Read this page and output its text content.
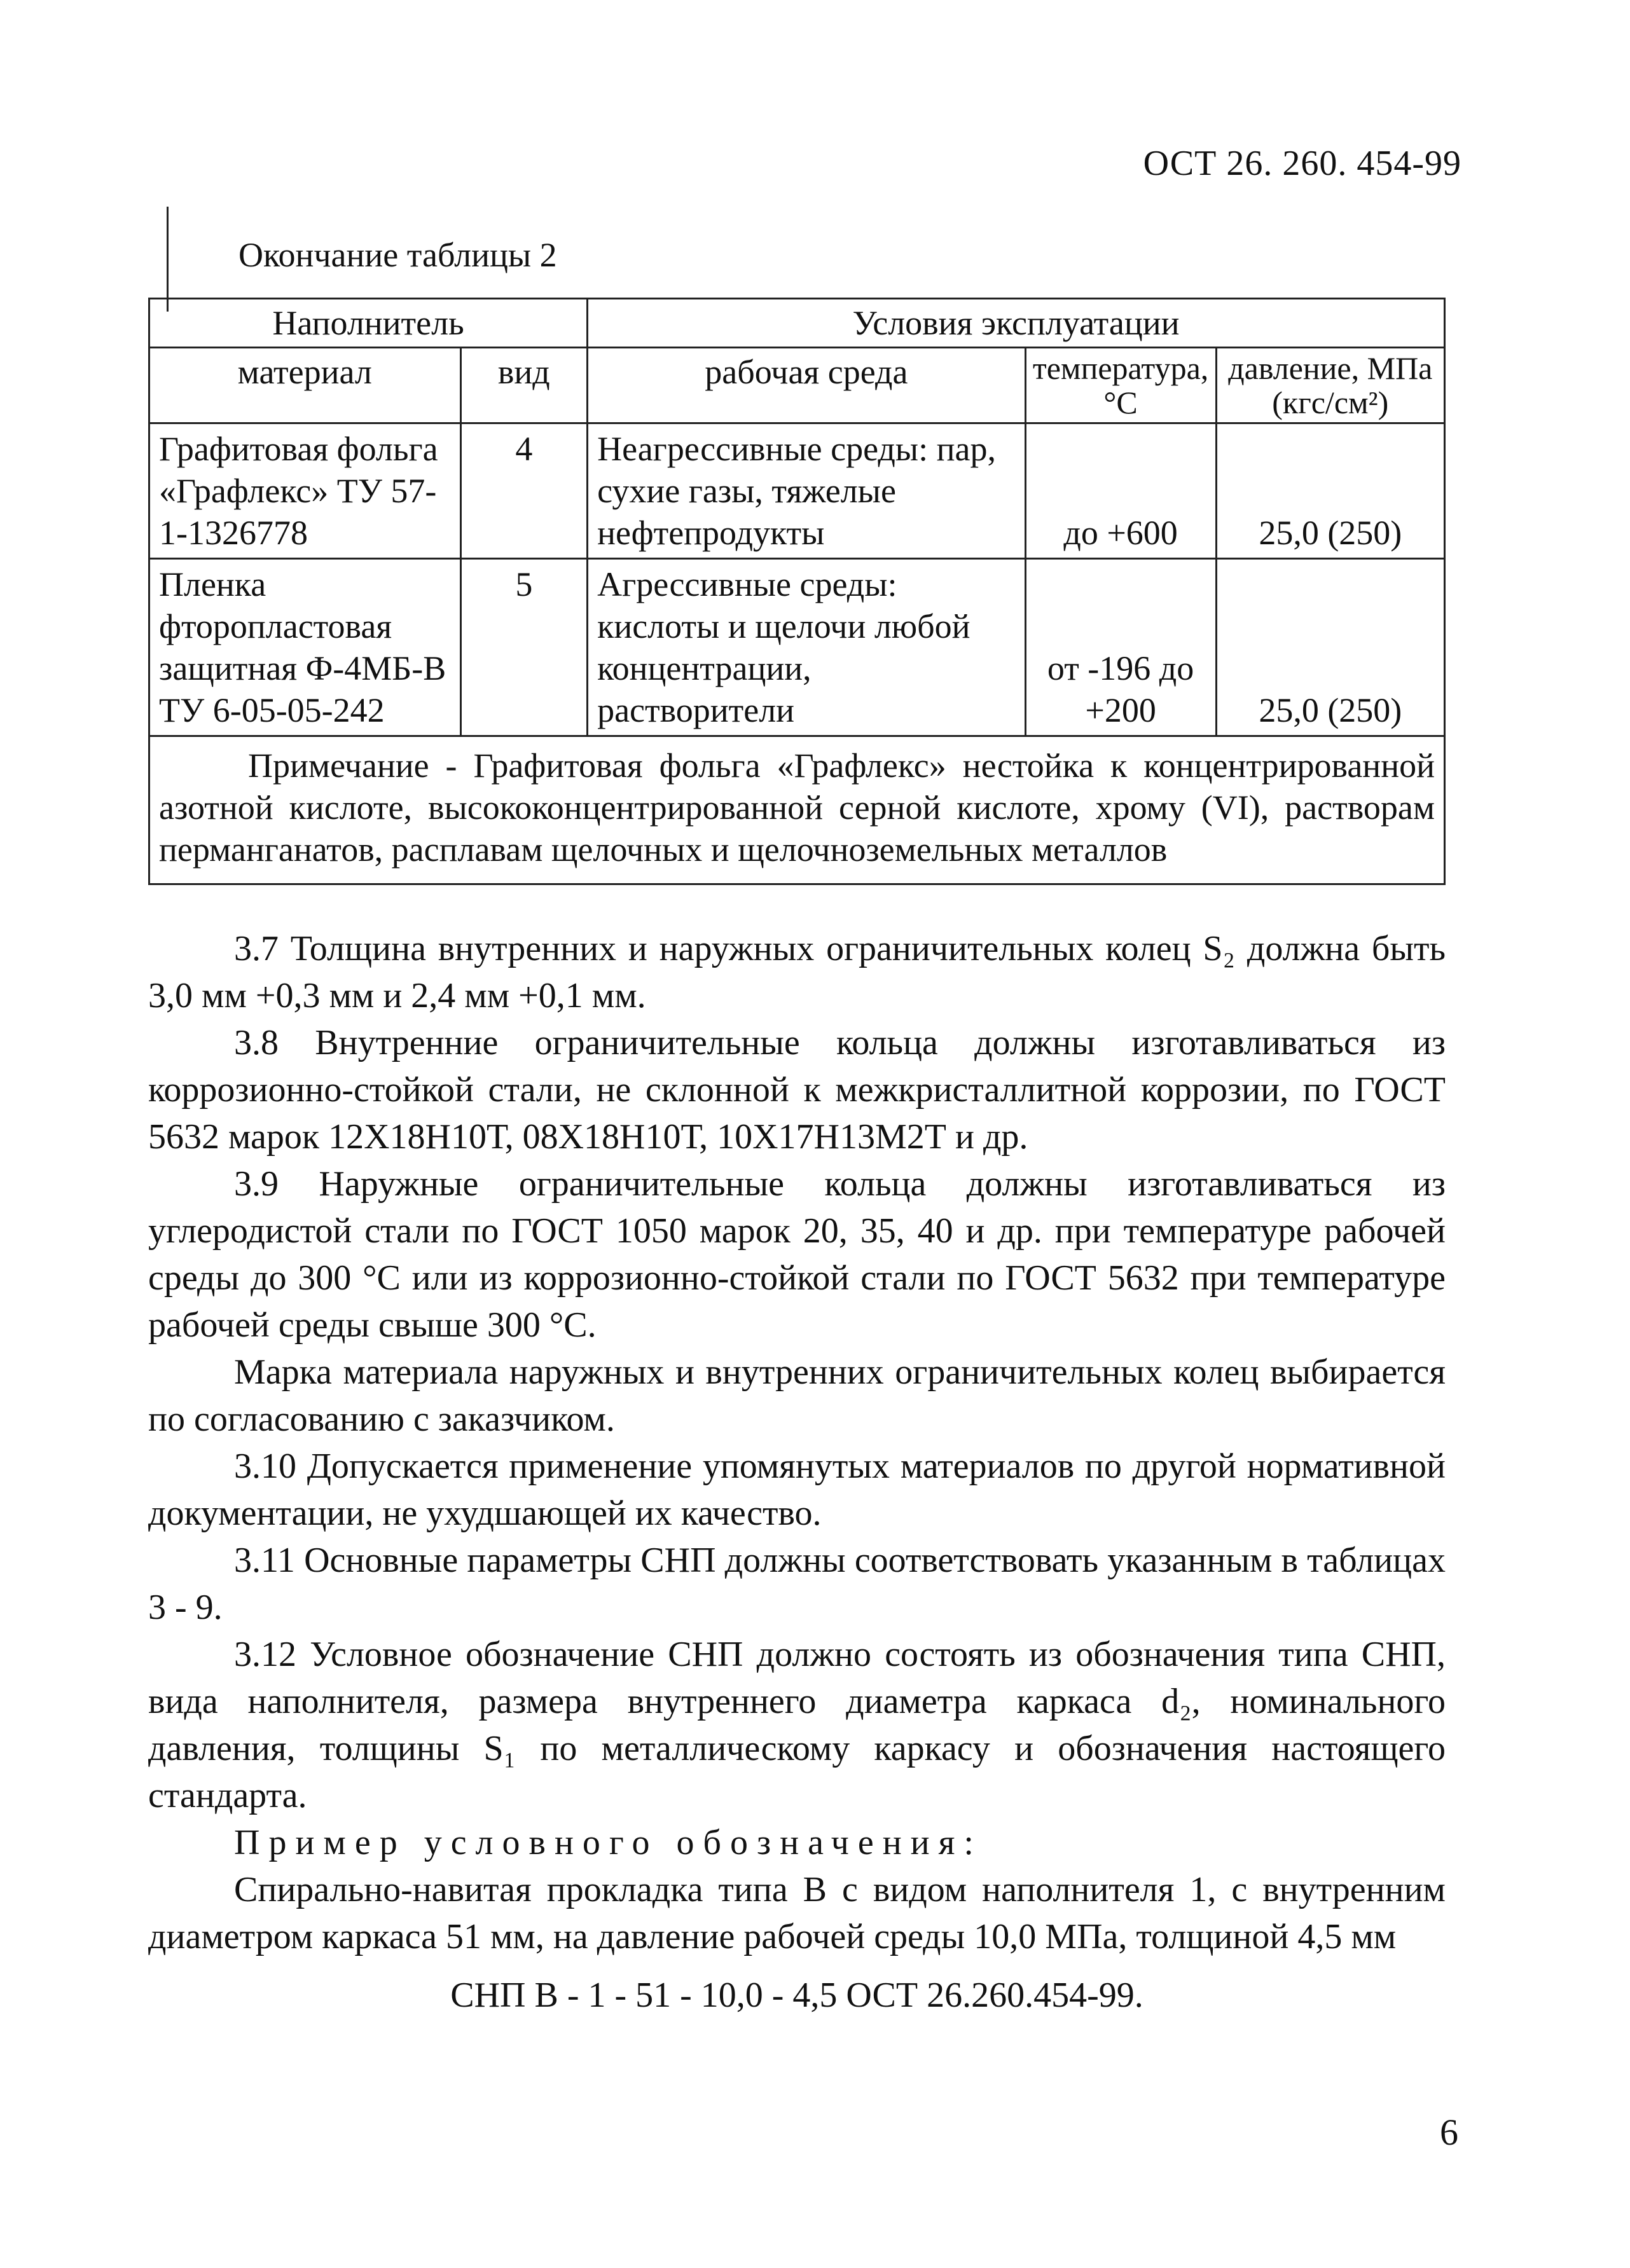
ОСТ 26. 260. 454-99
Окончание таблицы 2
Наполнитель		Условия эксплуатации		
материал	вид	рабочая среда	температура, °С	давление, МПа (кгс/см²)
Графитовая фольга «Графлекс» ТУ 57-1-1326778	4	Неагрессивные среды: пар, сухие газы, тяжелые нефтепродукты	до +600	25,0 (250)
Пленка фторопластовая защитная Ф-4МБ-В ТУ 6-05-05-242	5	Агрессивные среды: кислоты и щелочи любой концентрации, растворители	от -196 до +200	25,0 (250)
Примечание - Графитовая фольга «Графлекс» нестойка к концентрированной азотной кислоте, высококонцентрированной серной кислоте, хрому (VI), растворам перманганатов, расплавам щелочных и щелочноземельных металлов				

3.7 Толщина внутренних и наружных ограничительных колец S₂ должна быть 3,0 мм +0,3 мм и 2,4 мм +0,1 мм.

3.8 Внутренние ограничительные кольца должны изготавливаться из коррозионно-стойкой стали, не склонной к межкристаллитной коррозии, по ГОСТ 5632 марок 12Х18Н10Т, 08Х18Н10Т, 10Х17Н13М2Т и др.

3.9 Наружные ограничительные кольца должны изготавливаться из углеродистой стали по ГОСТ 1050 марок 20, 35, 40 и др. при температуре рабочей среды до 300 °С или из коррозионно-стойкой стали по ГОСТ 5632 при температуре рабочей среды свыше 300 °С.

Марка материала наружных и внутренних ограничительных колец выбирается по согласованию с заказчиком.

3.10 Допускается применение упомянутых материалов по другой нормативной документации, не ухудшающей их качество.

3.11 Основные параметры СНП должны соответствовать указанным в таблицах 3 - 9.

3.12 Условное обозначение СНП должно состоять из обозначения типа СНП, вида наполнителя, размера внутреннего диаметра каркаса d₂, номинального давления, толщины S₁ по металлическому каркасу и обозначения настоящего стандарта.

Пример условного обозначения:

Спирально-навитая прокладка типа В с видом наполнителя 1, с внутренним диаметром каркаса 51 мм, на давление рабочей среды 10,0 МПа, толщиной 4,5 мм

СНП В - 1 - 51 - 10,0 - 4,5 ОСТ 26.260.454-99.

6
